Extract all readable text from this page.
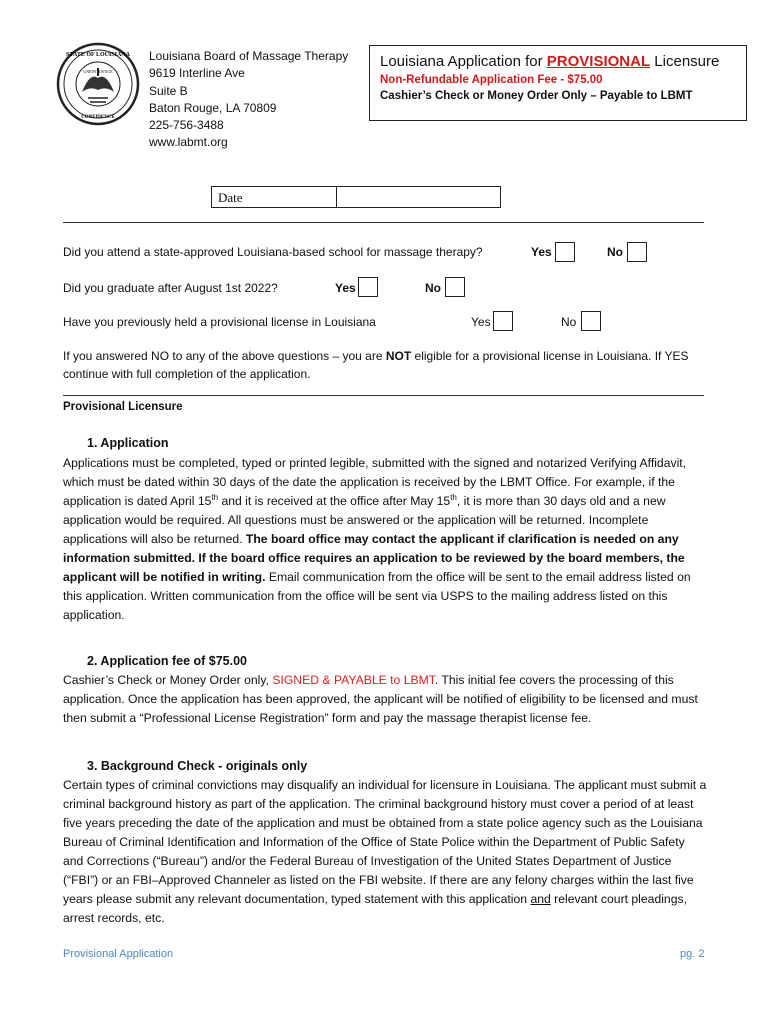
STATE OF LOUISIANA
UNION JUSTICE
CONFIDENCE
Louisiana Board of Massage Therapy
9619 Interline Ave
Suite B
Baton Rouge, LA 70809
225-756-3488
www.labmt.org
Louisiana Application for PROVISIONAL Licensure
Non-Refundable Application Fee - $75.00
Cashier’s Check or Money Order Only – Payable to LBMT
Date
Did you attend a state-approved Louisiana-based school for massage therapy?	Yes	No
Did you graduate after August 1st 2022?	Yes	No
Have you previously held a provisional license in Louisiana	Yes	No
If you answered NO to any of the above questions – you are NOT eligible for a provisional license in Louisiana. If YES continue with full completion of the application.
Provisional Licensure
1. Application
Applications must be completed, typed or printed legible, submitted with the signed and notarized Verifying Affidavit, which must be dated within 30 days of the date the application is received by the LBMT Office. For example, if the application is dated April 15th and it is received at the office after May 15th, it is more than 30 days old and a new application would be required. All questions must be answered or the application will be returned. Incomplete applications will also be returned. The board office may contact the applicant if clarification is needed on any information submitted. If the board office requires an application to be reviewed by the board members, the applicant will be notified in writing. Email communication from the office will be sent to the email address listed on this application. Written communication from the office will be sent via USPS to the mailing address listed on this application.
2. Application fee of $75.00
Cashier’s Check or Money Order only, SIGNED & PAYABLE to LBMT. This initial fee covers the processing of this application. Once the application has been approved, the applicant will be notified of eligibility to be licensed and must then submit a “Professional License Registration” form and pay the massage therapist license fee.
3. Background Check - originals only
Certain types of criminal convictions may disqualify an individual for licensure in Louisiana. The applicant must submit a criminal background history as part of the application. The criminal background history must cover a period of at least five years preceding the date of the application and must be obtained from a state police agency such as the Louisiana Bureau of Criminal Identification and Information of the Office of State Police within the Department of Public Safety and Corrections (“Bureau”) and/or the Federal Bureau of Investigation of the United States Department of Justice (“FBI”) or an FBI–Approved Channeler as listed on the FBI website. If there are any felony charges within the last five years please submit any relevant documentation, typed statement with this application and relevant court pleadings, arrest records, etc.
Provisional Application	pg. 2
